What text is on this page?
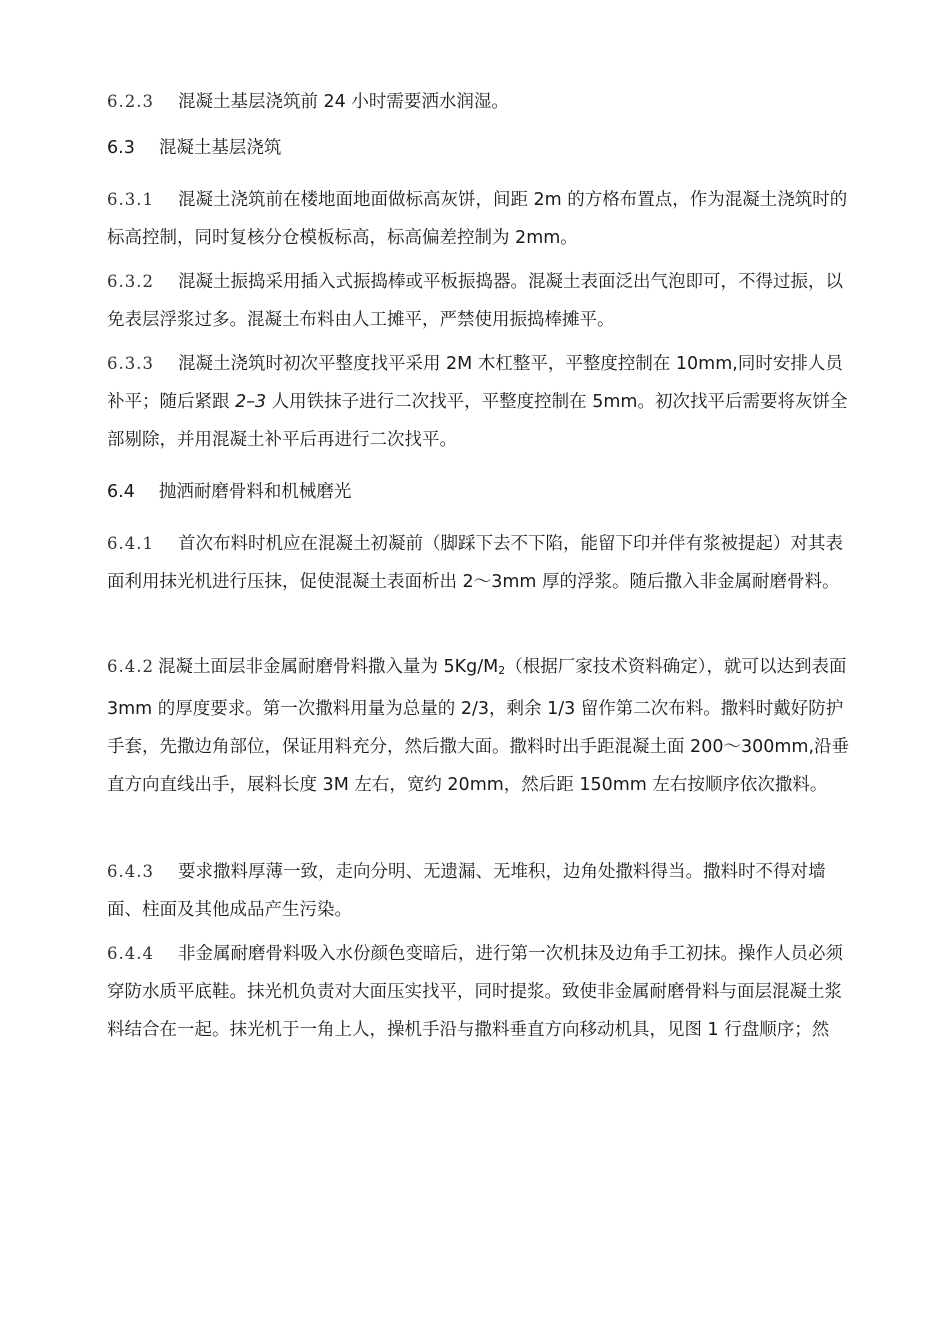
6.2.3 混凝土基层浇筑前 24 小时需要洒水润湿。
6.3 混凝土基层浇筑
6.3.1 混凝土浇筑前在楼地面地面做标高灰饼，间距 2m 的方格布置点，作为混凝土浇筑时的标高控制，同时复核分仓模板标高，标高偏差控制为 2mm。
6.3.2 混凝土振捣采用插入式振捣棒或平板振捣器。混凝土表面泛出气泡即可，不得过振，以免表层浮浆过多。混凝土布料由人工摊平，严禁使用振捣棒摊平。
6.3.3 混凝土浇筑时初次平整度找平采用 2M 木杠整平，平整度控制在 10mm,同时安排人员补平；随后紧跟 2–3 人用铁抹子进行二次找平，平整度控制在 5mm。初次找平后需要将灰饼全部剔除，并用混凝土补平后再进行二次找平。
6.4 抛洒耐磨骨料和机械磨光
6.4.1 首次布料时机应在混凝土初凝前（脚踩下去不下陷，能留下印并伴有浆被提起）对其表面利用抹光机进行压抹，促使混凝土表面析出 2～3mm 厚的浮浆。随后撒入非金属耐磨骨料。
6.4.2 混凝土面层非金属耐磨骨料撒入量为 5Kg/M2（根据厂家技术资料确定），就可以达到表面 3mm 的厚度要求。第一次撒料用量为总量的 2/3，剩余 1/3 留作第二次布料。撒料时戴好防护手套，先撒边角部位，保证用料充分，然后撒大面。撒料时出手距混凝土面 200～300mm,沿垂直方向直线出手，展料长度 3M 左右，宽约 20mm，然后距 150mm 左右按顺序依次撒料。
6.4.3 要求撒料厚薄一致，走向分明、无遗漏、无堆积，边角处撒料得当。撒料时不得对墙面、柱面及其他成品产生污染。
6.4.4 非金属耐磨骨料吸入水份颜色变暗后，进行第一次机抹及边角手工初抹。操作人员必须穿防水质平底鞋。抹光机负责对大面压实找平，同时提浆。致使非金属耐磨骨料与面层混凝土浆料结合在一起。抹光机于一角上人，操机手沿与撒料垂直方向移动机具，见图 1 行盘顺序；然
